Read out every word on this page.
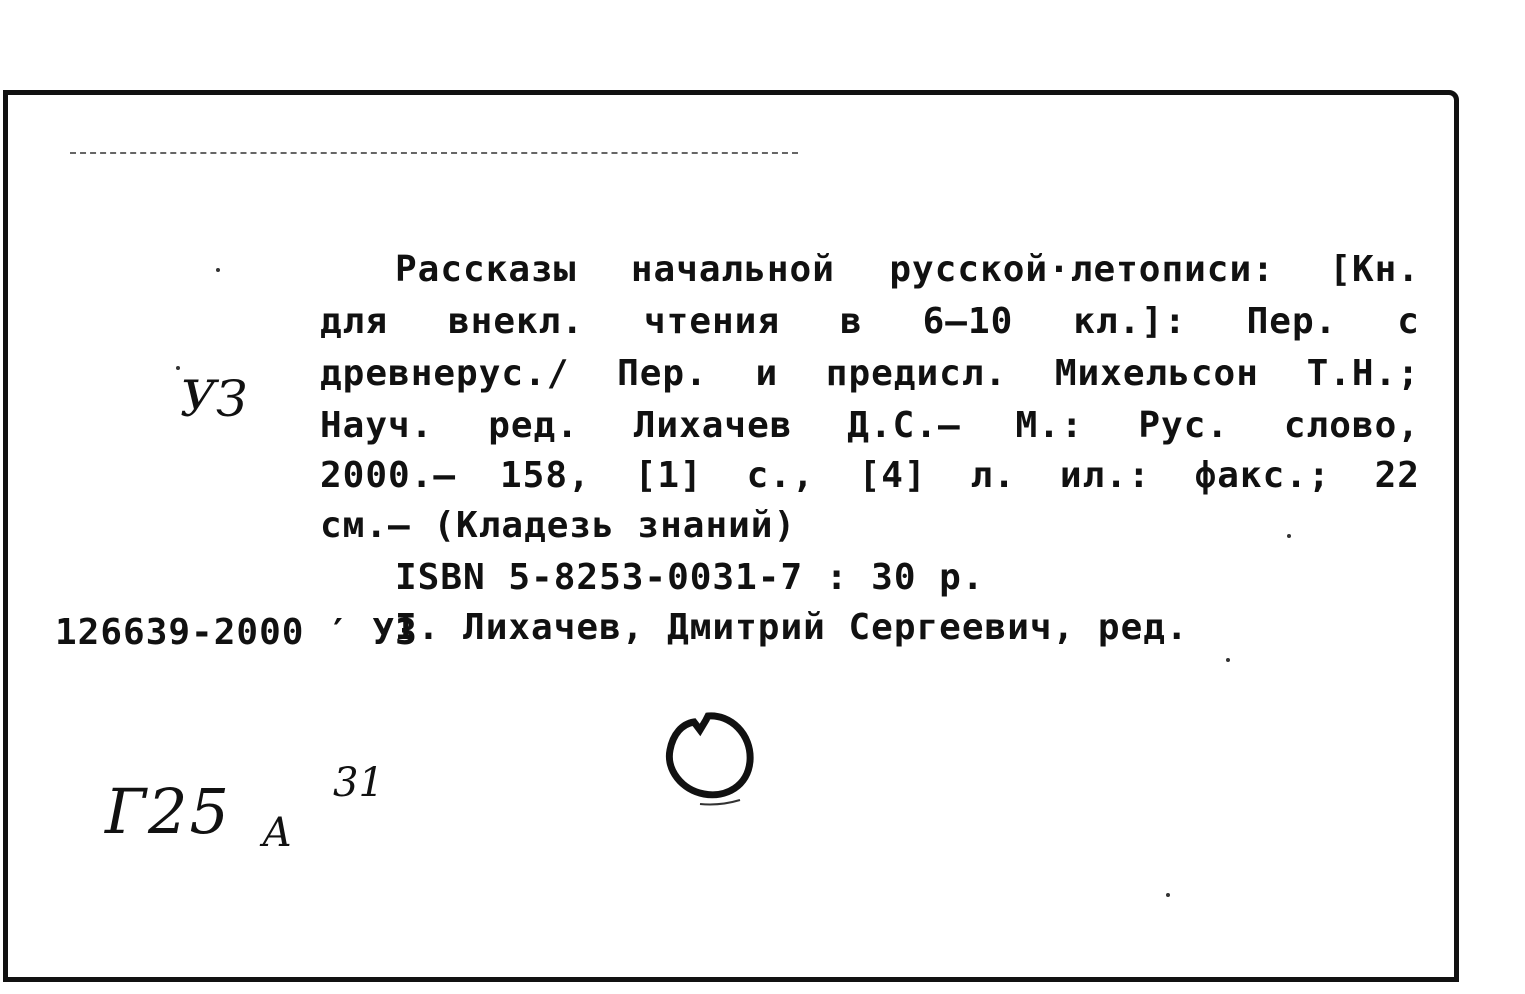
Рассказы начальной русской·летописи: [Кн.
для внекл. чтения в 6–10 кл.]: Пер. с
древнерус./ Пер. и предисл. Михельсон Т.Н.;
Науч. ред. Лихачев Д.С.– М.: Рус. слово,
2000.– 158, [1] с., [4] л. ил.: факс.; 22
см.– (Кладезь знаний)
ISBN 5-8253-0031-7 : 30 р.
I. Лихачев, Дмитрий Сергеевич, ред.
УЗ
126639-2000 ′ УЗ
Г25 А
31
